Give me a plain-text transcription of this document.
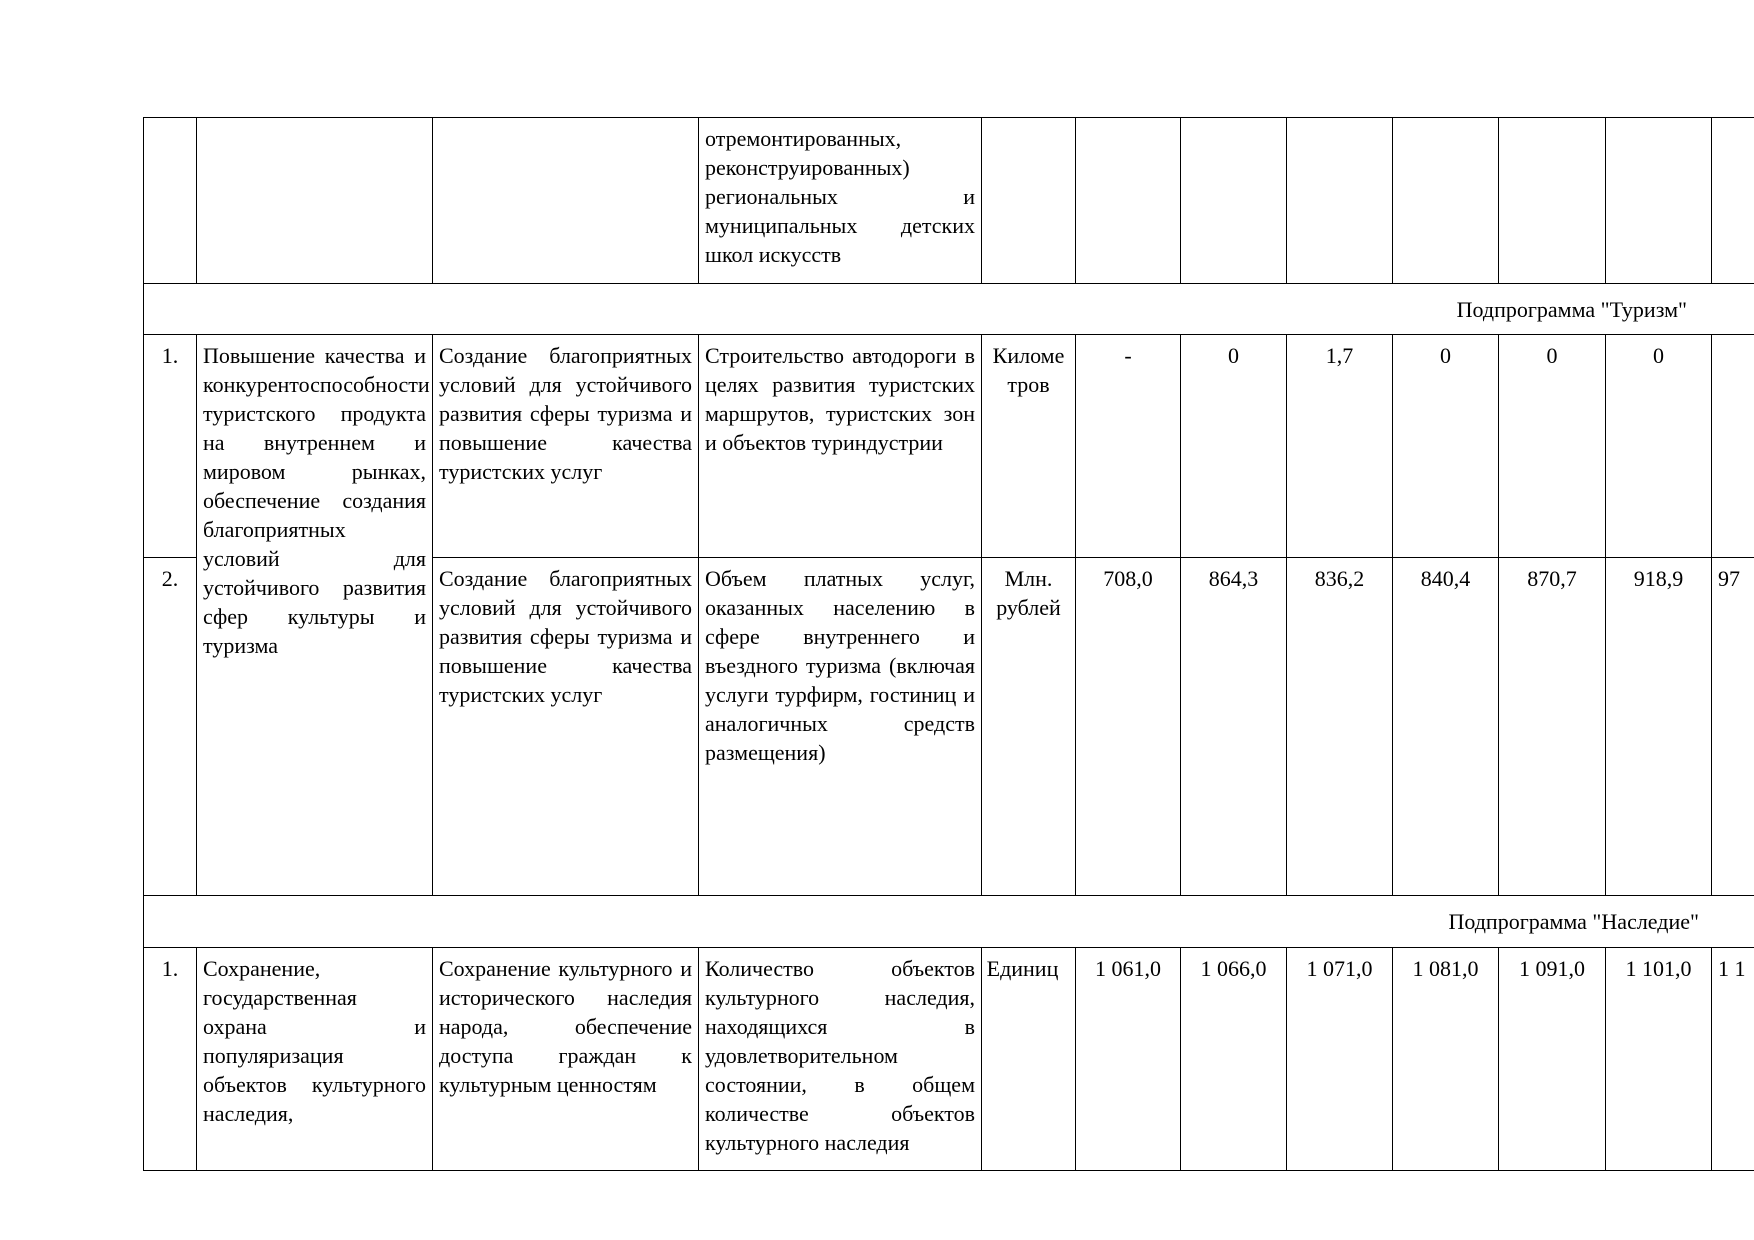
			отремонтированных, реконструированных) региональных и муниципальных детских школ искусств								

Подпрограмма "Туризм"											
1.	Повышение качества и конкурентоспособности туристского продукта на внутреннем и мировом рынках, обеспечение создания благоприятных условий для устойчивого развития сфер культуры и туризма	Создание благоприятных условий для устойчивого развития сферы туризма и повышение качества туристских услуг	Строительство автодороги в целях развития туристских маршрутов, туристских зон и объектов туриндустрии	Километров	-	0	1,7	0	0	0	
2.		Создание благоприятных условий для устойчивого развития сферы туризма и повышение качества туристских услуг	Объем платных услуг, оказанных населению в сфере внутреннего и въездного туризма (включая услуги турфирм, гостиниц и аналогичных средств размещения)	Млн. рублей	708,0	864,3	836,2	840,4	870,7	918,9	97
Подпрограмма "Наследие"											
1.	Сохранение, государственная охрана и популяризация объектов культурного наследия,	Сохранение культурного и исторического наследия народа, обеспечение доступа граждан к культурным ценностям	Количество объектов культурного наследия, находящихся в удовлетворительном состоянии, в общем количестве объектов культурного наследия	Единиц	1 061,0	1 066,0	1 071,0	1 081,0	1 091,0	1 101,0	1 1
